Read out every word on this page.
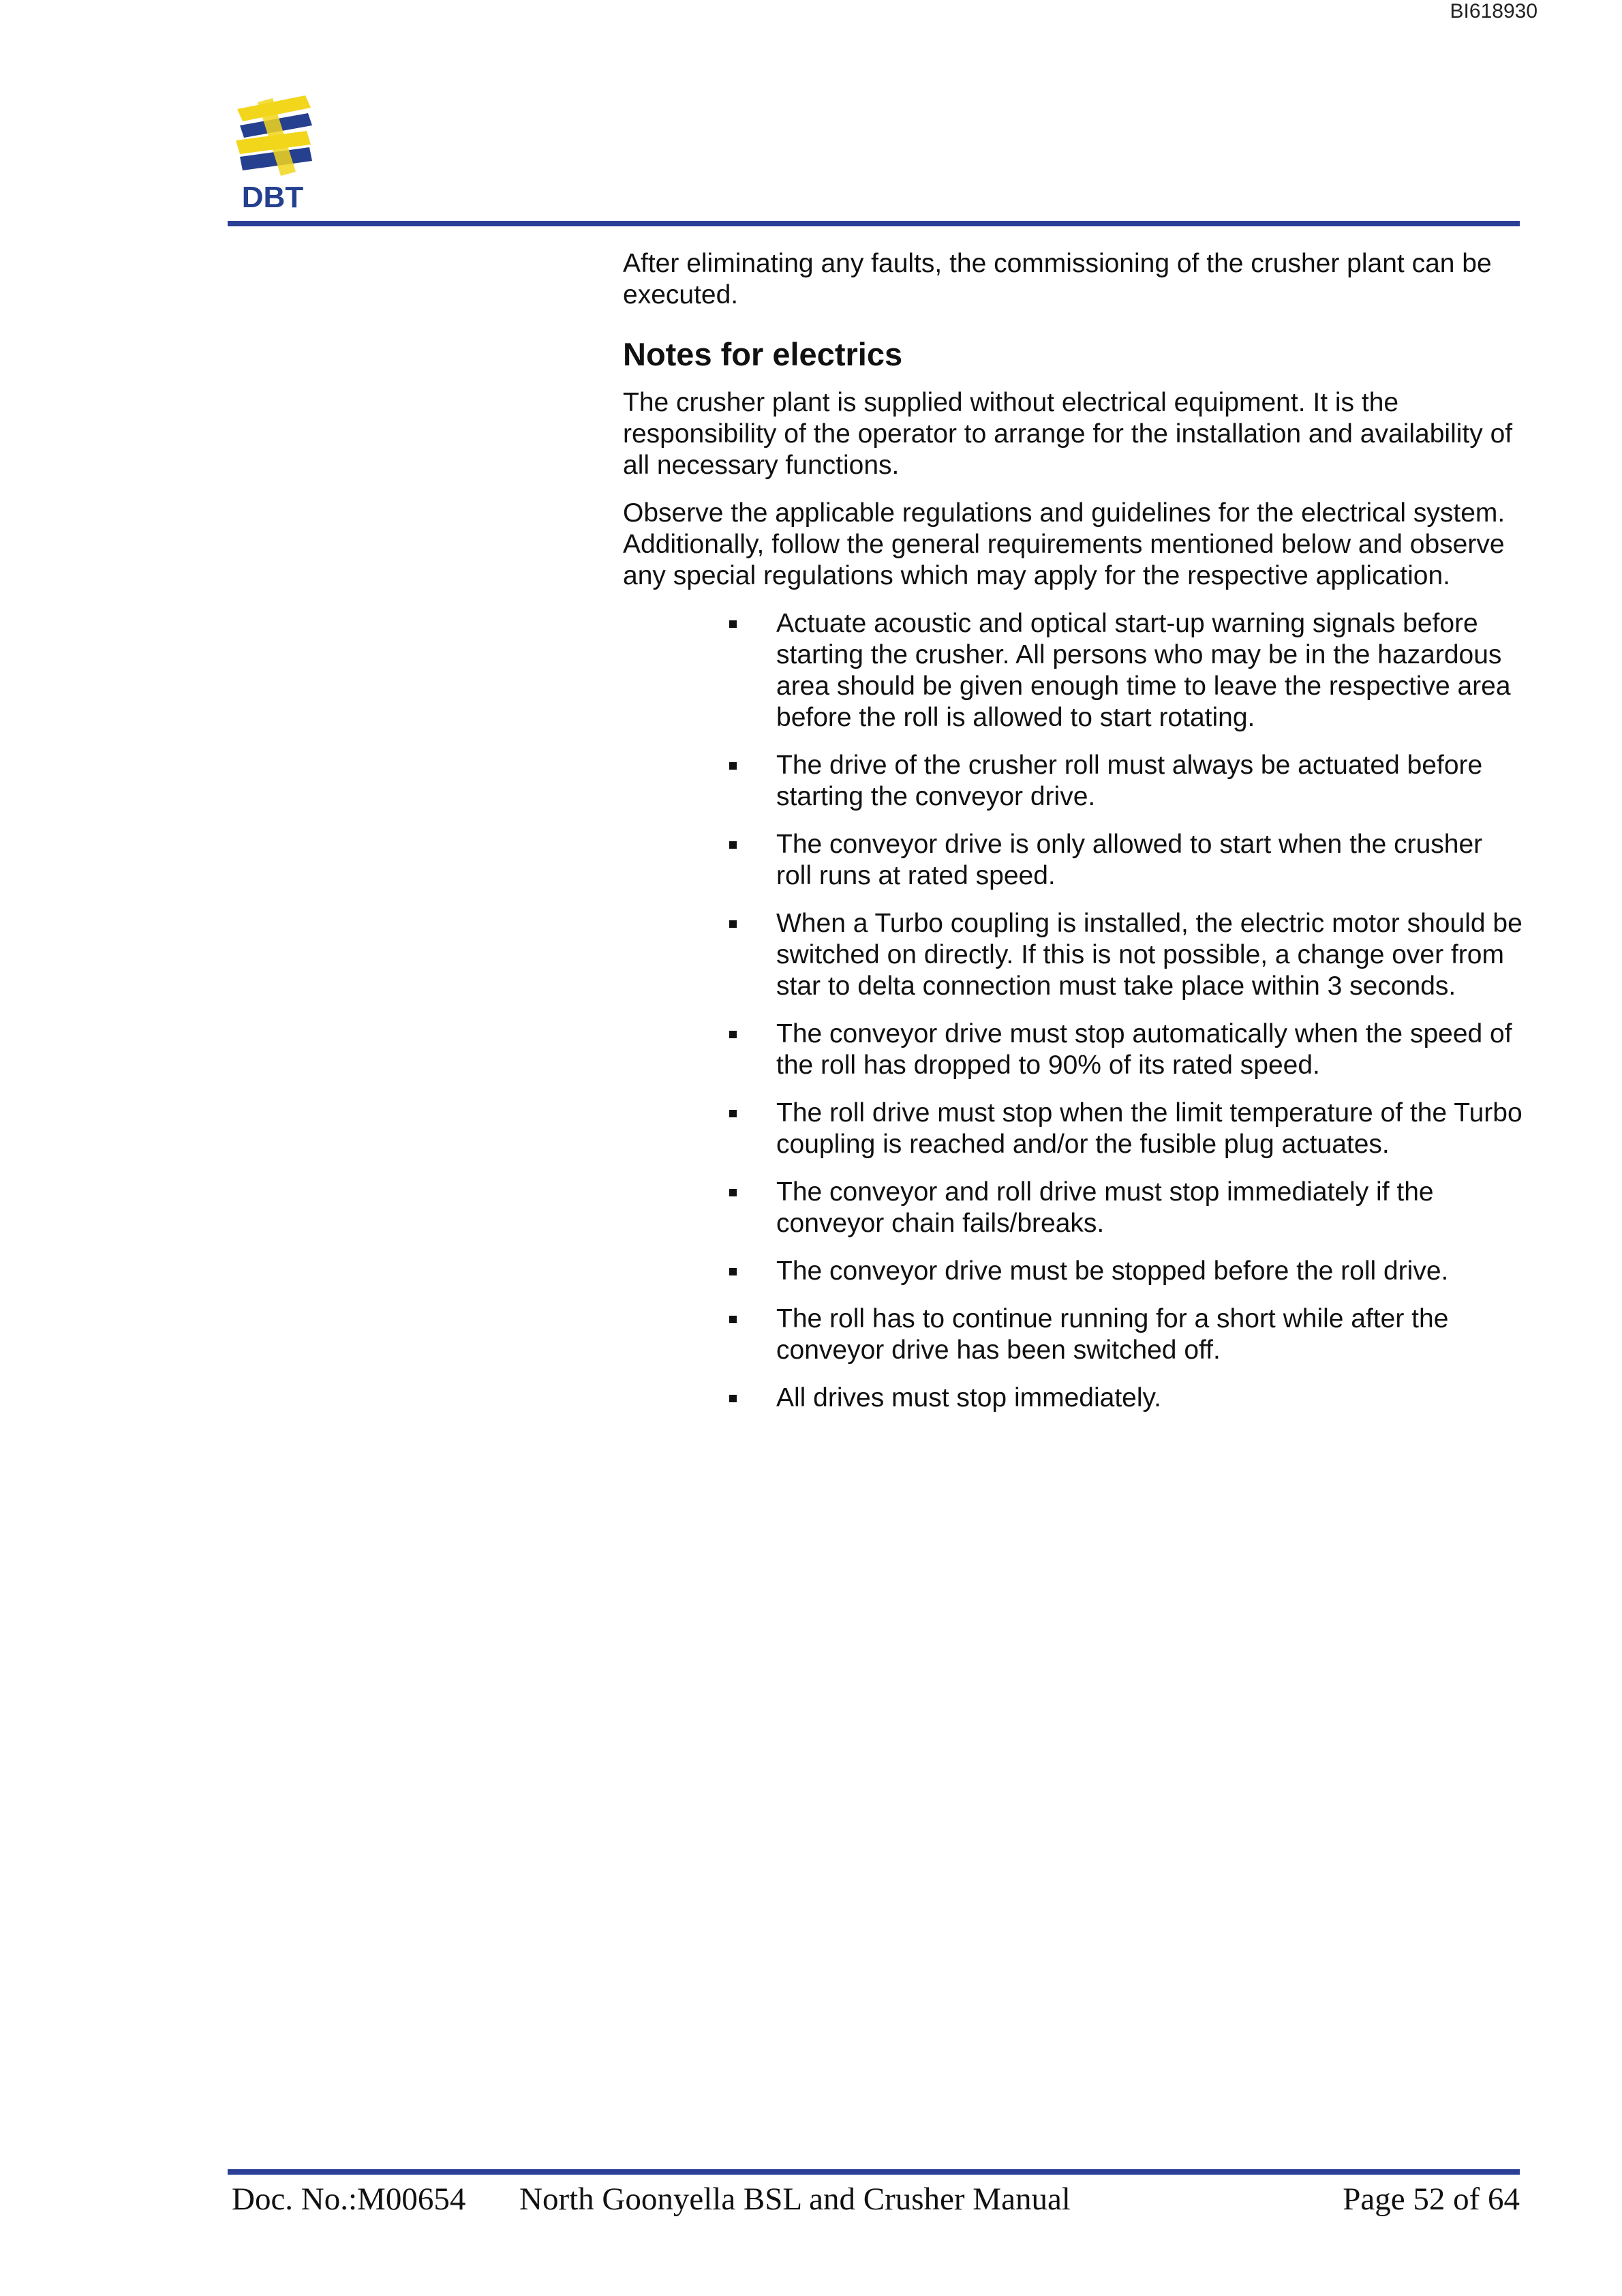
BI618930
DBT

After eliminating any faults, the commissioning of the crusher plant can be executed.

Notes for electrics

The crusher plant is supplied without electrical equipment. It is the responsibility of the operator to arrange for the installation and availability of all necessary functions.

Observe the applicable regulations and guidelines for the electrical system. Additionally, follow the general requirements mentioned below and observe any special regulations which may apply for the respective application.

Actuate acoustic and optical start-up warning signals before starting the crusher. All persons who may be in the hazardous area should be given enough time to leave the respective area before the roll is allowed to start rotating.
The drive of the crusher roll must always be actuated before starting the conveyor drive.
The conveyor drive is only allowed to start when the crusher roll runs at rated speed.
When a Turbo coupling is installed, the electric motor should be switched on directly. If this is not possible, a change over from star to delta connection must take place within 3 seconds.
The conveyor drive must stop automatically when the speed of the roll has dropped to 90% of its rated speed.
The roll drive must stop when the limit temperature of the Turbo coupling is reached and/or the fusible plug actuates.
The conveyor and roll drive must stop immediately if the conveyor chain fails/breaks.
The conveyor drive must be stopped before the roll drive.
The roll has to continue running for a short while after the conveyor drive has been switched off.
All drives must stop immediately.
Doc. No.:M00654 North Goonyella BSL and Crusher Manual	Page 52 of 64
